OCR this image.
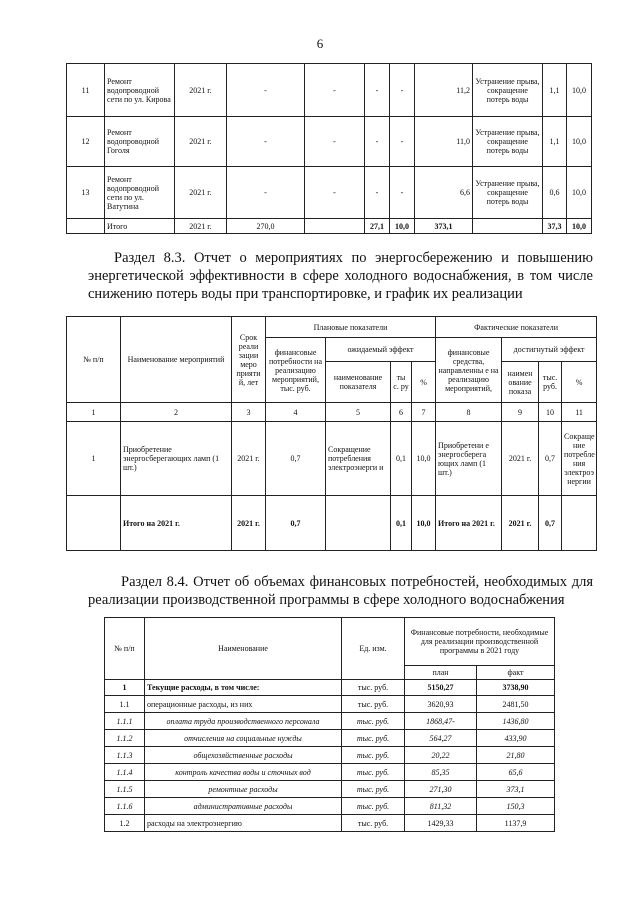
6
11	Ремонт водопроводной сети по ул. Кирова	2021 г.	-	-	-	-	11,2	Устранение прыва, сокращение потерь воды	1,1	10,0
12	Ремонт водопроводной Гоголя	2021 г.	-	-	-	-	11,0	Устранение прыва, сокращение потерь воды	1,1	10,0
13	Ремонт водопроводной сети по ул. Ватутина	2021 г.	-	-	-	-	6,6	Устранение прыва, сокращение потерь воды	0,6	10,0
	Итого	2021 г.	270,0		27,1	10,0	373,1		37,3	10,0
Раздел 8.3. Отчет о мероприятиях по энергосбережению и повышению энергетической эффективности в сфере холодного водоснабжения, в том числе снижению потерь воды при транспортировке, и график их реализации
№ п/п	Наименование мероприятий	Срок реали зации меро прияти й, лет	Плановые показатели				Фактические показатели			
			финансовые потребности на реализацию мероприятий, тыс. руб.	ожидаемый эффект			финансовые средства, направленны е на реализацию мероприятий,	достигнутый эффект		
				наименование показателя	ты с. ру	%		наимен ование показа	тыс. руб.	%
1	2	3	4	5	6	7	8	9	10	11
1	Приобретение энергосберегающих ламп (1 шт.)	2021 г.	0,7	Сокращение потребления электроэнерги и	0,1	10,0	Приобретени е энергосберега ющих ламп (1 шт.)	2021 г.	0,7	Сокраще ние потребле ния электроэ нергии
	Итого на 2021 г.	2021 г.	0,7		0,1	10,0	Итого на 2021 г.	2021 г.	0,7	
Раздел 8.4. Отчет об объемах финансовых потребностей, необходимых для реализации производственной программы в сфере холодного водоснабжения
№ п/п	Наименование	Ед. изм.	Финансовые потребности, необходимые для реализации производственной программы в 2021 году	
			план	факт
1	Текущие расходы, в том числе:	тыс. руб.	5150,27	3738,90
1.1	операционные расходы, из них	тыс. руб.	3620,93	2481,50
1.1.1	оплата труда производственного персонала	тыс. руб.	1868,47-	1436,80
1.1.2	отчисления на социальные нужды	тыс. руб.	564,27	433,90
1.1.3	общехозяйственные расходы	тыс. руб.	20,22	21,80
1.1.4	контроль качества воды и сточных вод	тыс. руб.	85,35	65,6
1.1.5	ремонтные расходы	тыс. руб.	271,30	373,1
1.1.6	административные расходы	тыс. руб.	811,32	150,3
1.2	расходы на электроэнергию	тыс. руб.	1429,33	1137,9
